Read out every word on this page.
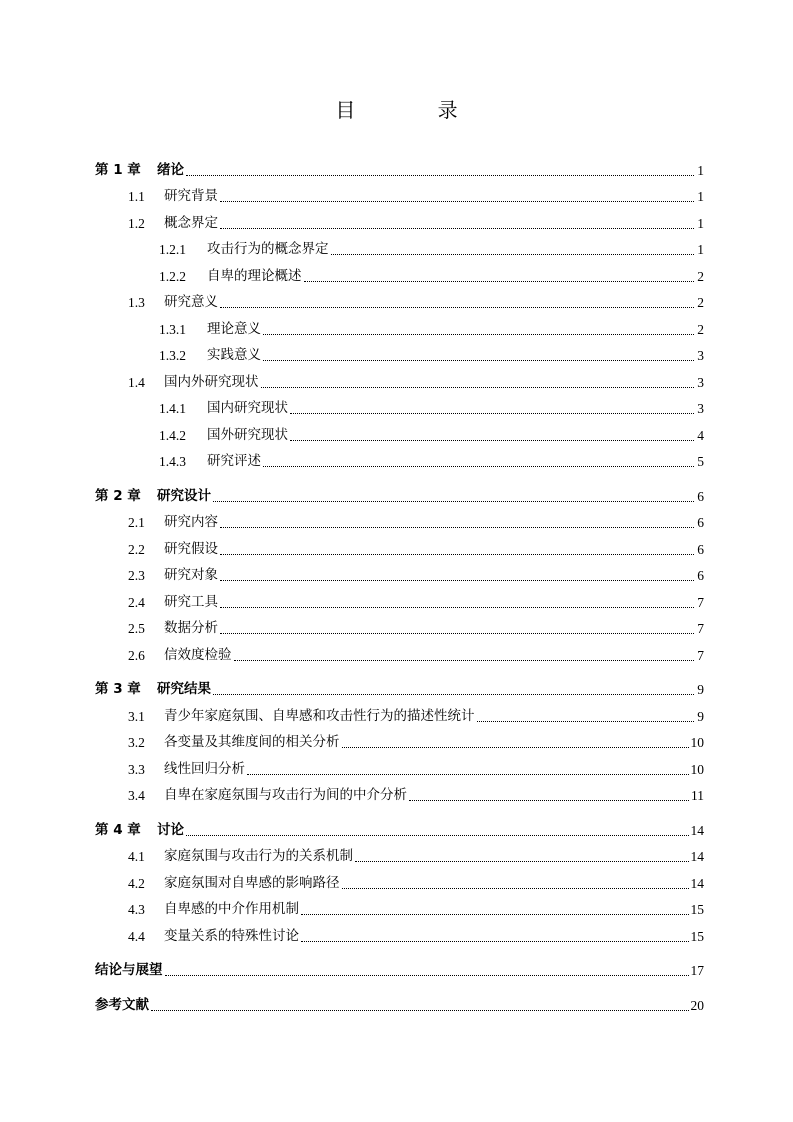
目 录
第 1 章	绪论	1
1.1	研究背景	1
1.2	概念界定	1
1.2.1	攻击行为的概念界定	1
1.2.2	自卑的理论概述	2
1.3	研究意义	2
1.3.1	理论意义	2
1.3.2	实践意义	3
1.4	国内外研究现状	3
1.4.1	国内研究现状	3
1.4.2	国外研究现状	4
1.4.3	研究评述	5
第 2 章	研究设计	6
2.1	研究内容	6
2.2	研究假设	6
2.3	研究对象	6
2.4	研究工具	7
2.5	数据分析	7
2.6	信效度检验	7
第 3 章	研究结果	9
3.1	青少年家庭氛围、自卑感和攻击性行为的描述性统计	9
3.2	各变量及其维度间的相关分析	10
3.3	线性回归分析	10
3.4	自卑在家庭氛围与攻击行为间的中介分析	11
第 4 章	讨论	14
4.1	家庭氛围与攻击行为的关系机制	14
4.2	家庭氛围对自卑感的影响路径	14
4.3	自卑感的中介作用机制	15
4.4	变量关系的特殊性讨论	15
结论与展望	17
参考文献	20
